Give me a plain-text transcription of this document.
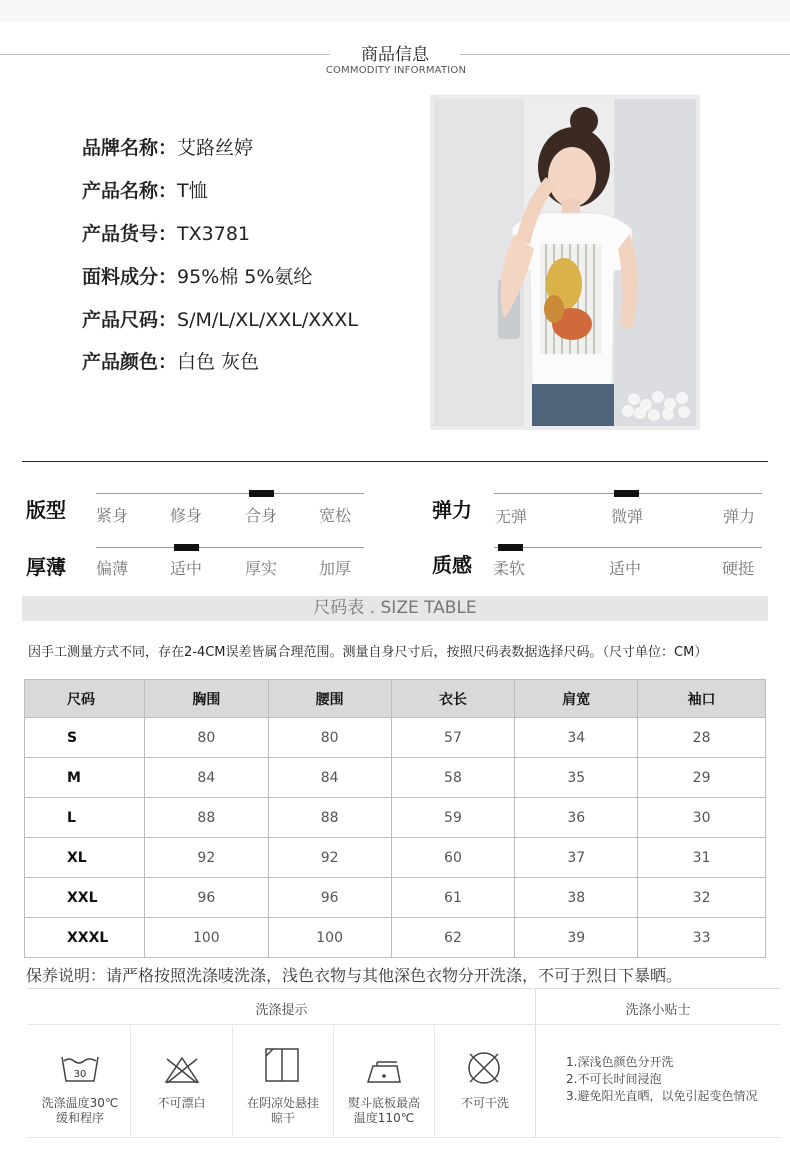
商品信息
COMMODITY INFORMATION
品牌名称：艾路丝婷
产品名称：T恤
产品货号：TX3781
面料成分：95%棉 5%氨纶
产品尺码：S/M/L/XL/XXL/XXXL
产品颜色：白色 灰色
版型 紧身	修身	合身	宽松
厚薄 偏薄	适中	厚实	加厚
弹力 无弹	微弹	弹力
质感 柔软	适中	硬挺
尺码表 . SIZE TABLE
因手工测量方式不同，存在2-4CM误差皆属合理范围。测量自身尺寸后，按照尺码表数据选择尺码。（尺寸单位：CM）
尺码	胸围	腰围	衣长	肩宽	袖口
S	80	80	57	34	28
M	84	84	58	35	29
L	88	88	59	36	30
XL	92	92	60	37	31
XXL	96	96	61	38	32
XXXL	100	100	62	39	33
保养说明：请严格按照洗涤唛洗涤，浅色衣物与其他深色衣物分开洗涤，不可于烈日下暴晒。
洗涤提示	洗涤小贴士
30
洗涤温度30℃
缓和程序
不可漂白	在阴凉处悬挂
晾干
熨斗底板最高
温度110℃
不可干洗
1.深浅色颜色分开洗
2.不可长时间浸泡
3.避免阳光直晒，以免引起变色情况
